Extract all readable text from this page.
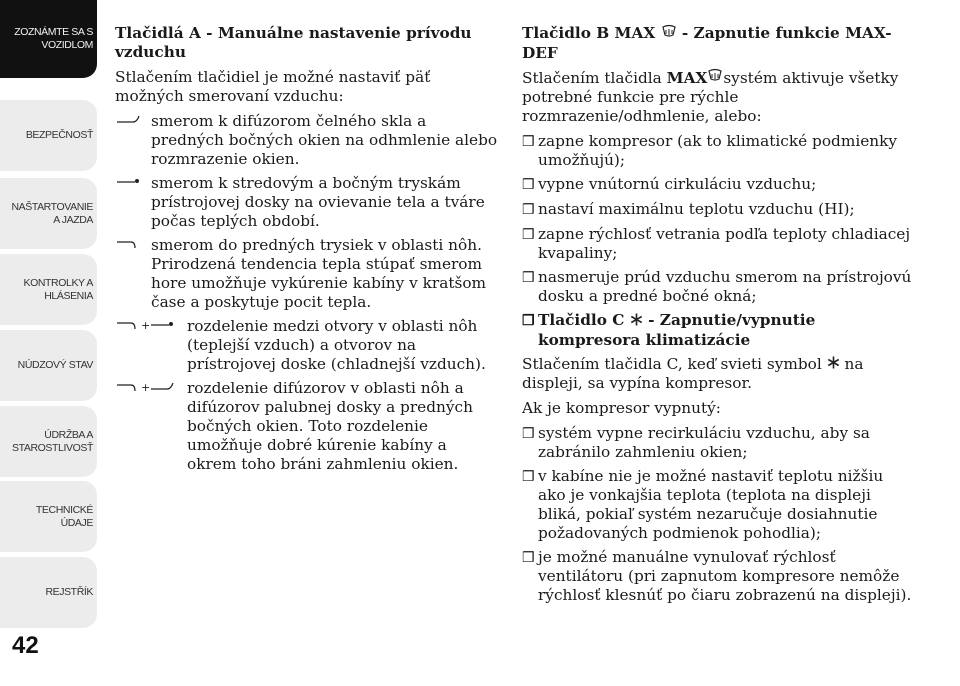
ZOZNÁMTE SA S
VOZIDLOM
BEZPEČNOSŤ
NAŠTARTOVANIE
A JAZDA
KONTROLKY A
HLÁSENIA
NÚDZOVÝ STAV
ÚDRŽBA A
STAROSTLIVOSŤ
TECHNICKÉ
ÚDAJE
REJSTŘÍK
42
Tlačidlá A - Manuálne nastavenie prívodu vzduchu
Stlačením tlačidiel je možné nastaviť päť možných smerovaní vzduchu:
smerom k difúzorom čelného skla a predných bočných okien na odhmlenie alebo rozmrazenie okien.
smerom k stredovým a bočným tryskám prístrojovej dosky na ovievanie tela a tváre počas teplých období.
smerom do predných trysiek v oblasti nôh. Prirodzená tendencia tepla stúpať smerom hore umožňuje vykúrenie kabíny v kratšom čase a poskytuje pocit tepla.
+ rozdelenie medzi otvory v oblasti nôh (teplejší vzduch) a otvorov na prístrojovej doske (chladnejší vzduch).
+ rozdelenie difúzorov v oblasti nôh a difúzorov palubnej dosky a predných bočných okien. Toto rozdelenie umožňuje dobré kúrenie kabíny a okrem toho bráni zahmleniu okien.
Tlačidlo B MAX  - Zapnutie funkcie MAX-DEF
Stlačením tlačidla MAX systém aktivuje všetky potrebné funkcie pre rýchle rozmrazenie/odhmlenie, alebo:
❒ zapne kompresor (ak to klimatické podmienky umožňujú);
❒ vypne vnútornú cirkuláciu vzduchu;
❒ nastaví maximálnu teplotu vzduchu (HI);
❒ zapne rýchlosť vetrania podľa teploty chladiacej kvapaliny;
❒ nasmeruje prúd vzduchu smerom na prístrojovú dosku a predné bočné okná;
❒ Tlačidlo C  - Zapnutie/vypnutie kompresora klimatizácie
Stlačením tlačidla C, keď svieti symbol na displeji, sa vypína kompresor.
Ak je kompresor vypnutý:
❒ systém vypne recirkuláciu vzduchu, aby sa zabránilo zahmleniu okien;
❒ v kabíne nie je možné nastaviť teplotu nižšiu ako je vonkajšia teplota (teplota na displeji bliká, pokiaľ systém nezaručuje dosiahnutie požadovaných podmienok pohodlia);
❒ je možné manuálne vynulovať rýchlosť ventilátoru (pri zapnutom kompresore nemôže rýchlosť klesnúť po čiaru zobrazenú na displeji).
